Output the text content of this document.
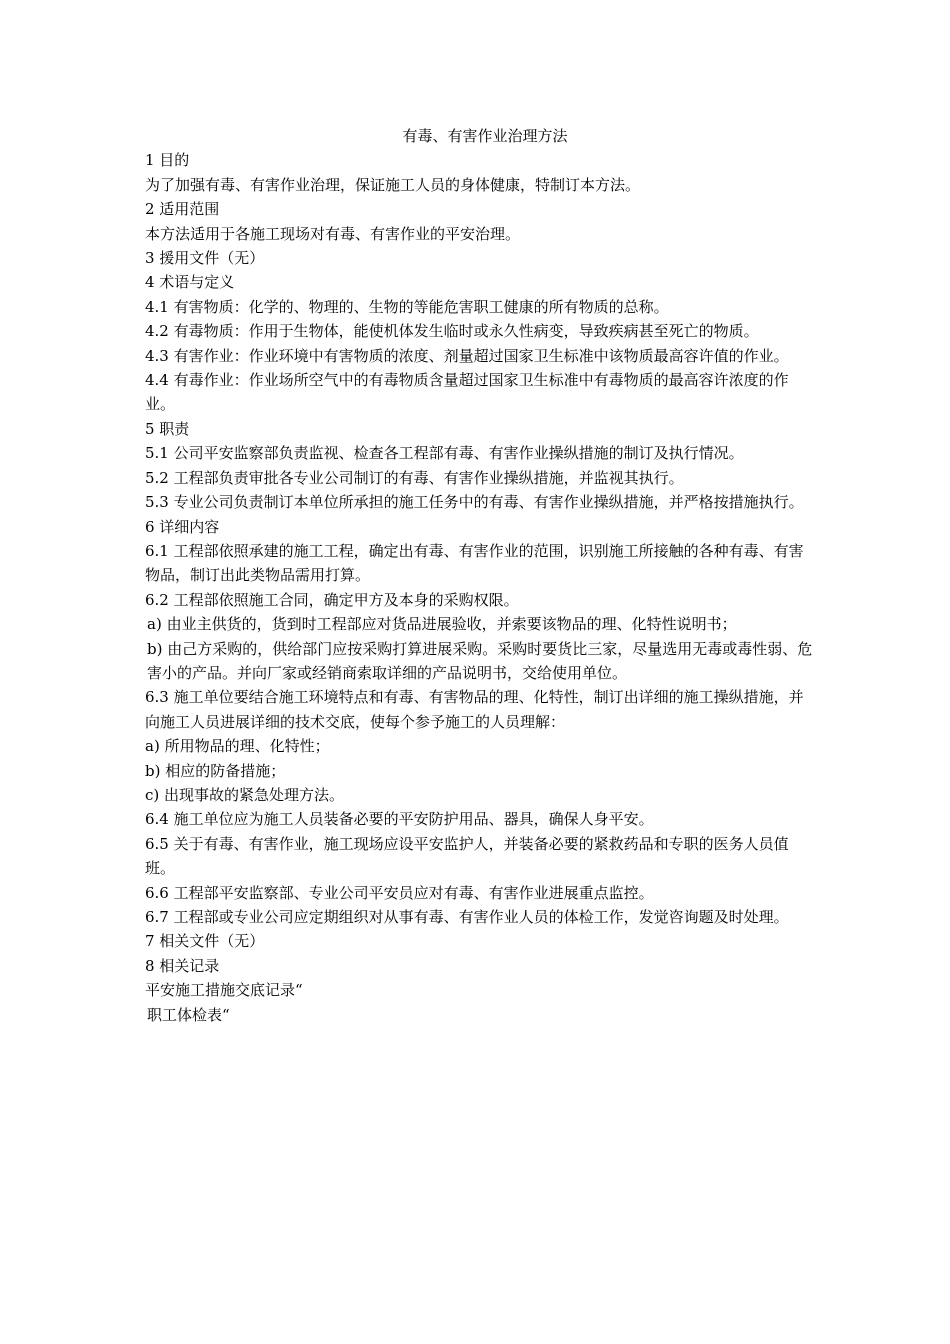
有毒、有害作业治理方法

1 目的

为了加强有毒、有害作业治理，保证施工人员的身体健康，特制订本方法。

2 适用范围

本方法适用于各施工现场对有毒、有害作业的平安治理。

3 援用文件（无）

4 术语与定义

4.1 有害物质：化学的、物理的、生物的等能危害职工健康的所有物质的总称。

4.2 有毒物质：作用于生物体，能使机体发生临时或永久性病变，导致疾病甚至死亡的物质。

4.3 有害作业：作业环境中有害物质的浓度、剂量超过国家卫生标准中该物质最高容许值的作业。

4.4 有毒作业：作业场所空气中的有毒物质含量超过国家卫生标准中有毒物质的最高容许浓度的作业。

5 职责

5.1 公司平安监察部负责监视、检查各工程部有毒、有害作业操纵措施的制订及执行情况。

5.2 工程部负责审批各专业公司制订的有毒、有害作业操纵措施，并监视其执行。

5.3 专业公司负责制订本单位所承担的施工任务中的有毒、有害作业操纵措施，并严格按措施执行。

6 详细内容

6.1 工程部依照承建的施工工程，确定出有毒、有害作业的范围，识别施工所接触的各种有毒、有害物品，制订出此类物品需用打算。

6.2 工程部依照施工合同，确定甲方及本身的采购权限。

a) 由业主供货的，货到时工程部应对货品进展验收，并索要该物品的理、化特性说明书；

b) 由己方采购的，供给部门应按采购打算进展采购。采购时要货比三家，尽量选用无毒或毒性弱、危害小的产品。并向厂家或经销商索取详细的产品说明书，交给使用单位。

6.3 施工单位要结合施工环境特点和有毒、有害物品的理、化特性，制订出详细的施工操纵措施，并向施工人员进展详细的技术交底，使每个参予施工的人员理解：

a) 所用物品的理、化特性；

b) 相应的防备措施；

c) 出现事故的紧急处理方法。

6.4 施工单位应为施工人员装备必要的平安防护用品、器具，确保人身平安。

6.5 关于有毒、有害作业，施工现场应设平安监护人，并装备必要的紧救药品和专职的医务人员值班。

6.6 工程部平安监察部、专业公司平安员应对有毒、有害作业进展重点监控。

6.7 工程部或专业公司应定期组织对从事有毒、有害作业人员的体检工作，发觉咨询题及时处理。

7 相关文件（无）

8 相关记录

平安施工措施交底记录“

职工体检表“
